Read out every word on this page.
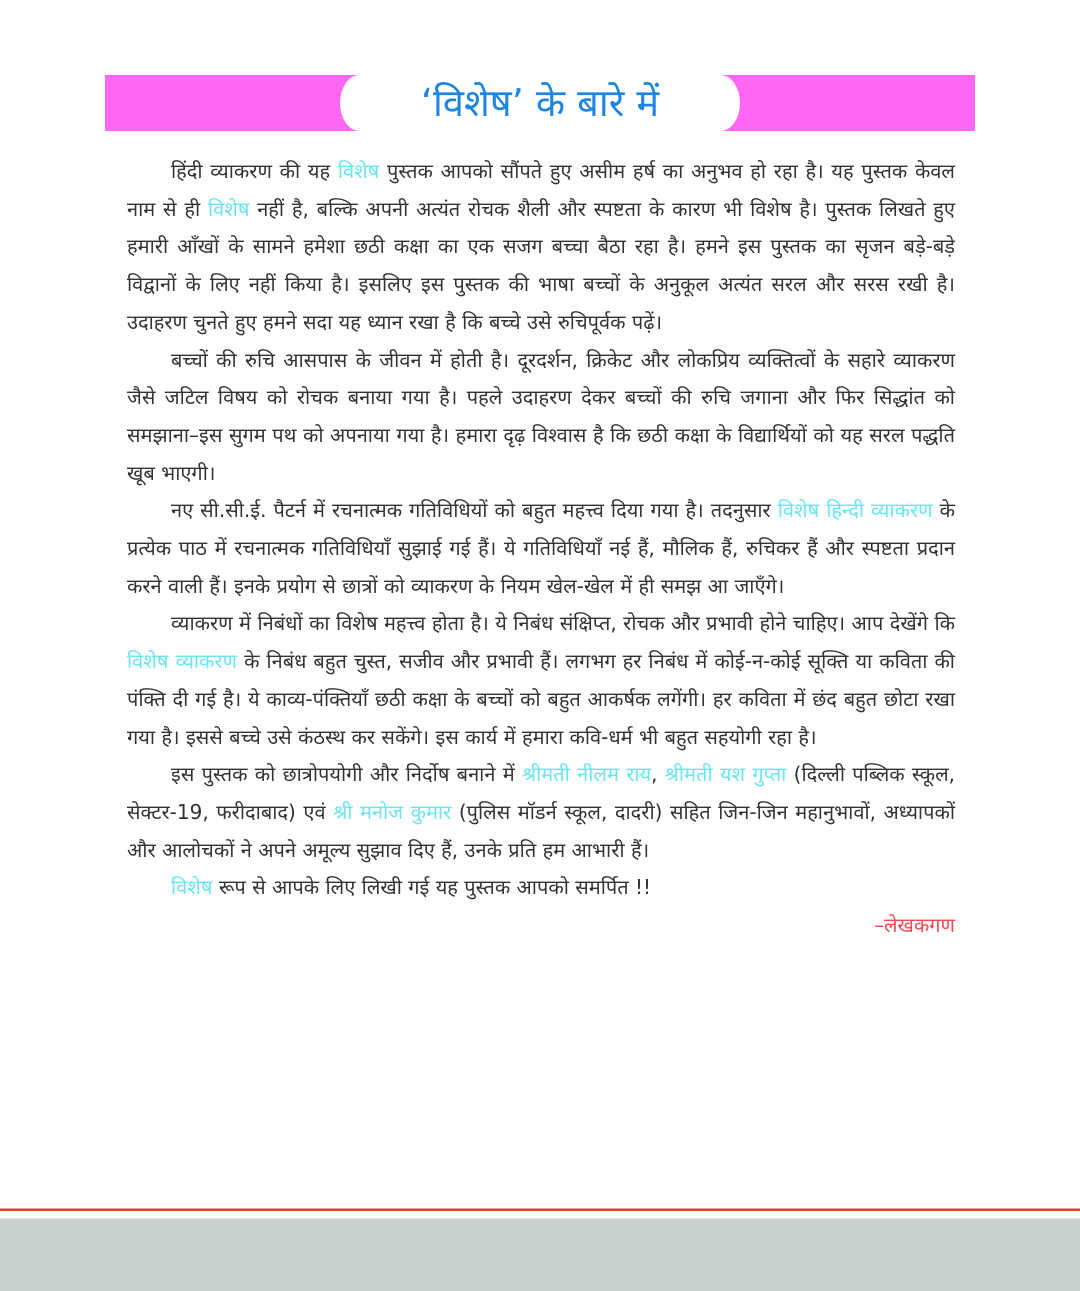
‘विशेष’ के बारे में

हिंदी व्याकरण की यह विशेष पुस्तक आपको सौंपते हुए असीम हर्ष का अनुभव हो रहा है। यह पुस्तक केवल नाम से ही विशेष नहीं है, बल्कि अपनी अत्यंत रोचक शैली और स्पष्टता के कारण भी विशेष है। पुस्तक लिखते हुए हमारी आँखों के सामने हमेशा छठी कक्षा का एक सजग बच्चा बैठा रहा है। हमने इस पुस्तक का सृजन बड़े-बड़े विद्वानों के लिए नहीं किया है। इसलिए इस पुस्तक की भाषा बच्चों के अनुकूल अत्यंत सरल और सरस रखी है। उदाहरण चुनते हुए हमने सदा यह ध्यान रखा है कि बच्चे उसे रुचिपूर्वक पढ़ें।

बच्चों की रुचि आसपास के जीवन में होती है। दूरदर्शन, क्रिकेट और लोकप्रिय व्यक्तित्वों के सहारे व्याकरण जैसे जटिल विषय को रोचक बनाया गया है। पहले उदाहरण देकर बच्चों की रुचि जगाना और फिर सिद्धांत को समझाना–इस सुगम पथ को अपनाया गया है। हमारा दृढ़ विश्वास है कि छठी कक्षा के विद्यार्थियों को यह सरल पद्धति खूब भाएगी।

नए सी.सी.ई. पैटर्न में रचनात्मक गतिविधियों को बहुत महत्त्व दिया गया है। तदनुसार विशेष हिन्दी व्याकरण के प्रत्येक पाठ में रचनात्मक गतिविधियाँ सुझाई गई हैं। ये गतिविधियाँ नई हैं, मौलिक हैं, रुचिकर हैं और स्पष्टता प्रदान करने वाली हैं। इनके प्रयोग से छात्रों को व्याकरण के नियम खेल-खेल में ही समझ आ जाएँगे।

व्याकरण में निबंधों का विशेष महत्त्व होता है। ये निबंध संक्षिप्त, रोचक और प्रभावी होने चाहिए। आप देखेंगे कि विशेष व्याकरण के निबंध बहुत चुस्त, सजीव और प्रभावी हैं। लगभग हर निबंध में कोई-न-कोई सूक्ति या कविता की पंक्ति दी गई है। ये काव्य-पंक्तियाँ छठी कक्षा के बच्चों को बहुत आकर्षक लगेंगी। हर कविता में छंद बहुत छोटा रखा गया है। इससे बच्चे उसे कंठस्थ कर सकेंगे। इस कार्य में हमारा कवि-धर्म भी बहुत सहयोगी रहा है।

इस पुस्तक को छात्रोपयोगी और निर्दोष बनाने में श्रीमती नीलम राय, श्रीमती यश गुप्ता (दिल्ली पब्लिक स्कूल, सेक्टर-19, फरीदाबाद) एवं श्री मनोज कुमार (पुलिस मॉडर्न स्कूल, दादरी) सहित जिन-जिन महानुभावों, अध्यापकों और आलोचकों ने अपने अमूल्य सुझाव दिए हैं, उनके प्रति हम आभारी हैं।

विशेष रूप से आपके लिए लिखी गई यह पुस्तक आपको समर्पित !!

–लेखकगण
